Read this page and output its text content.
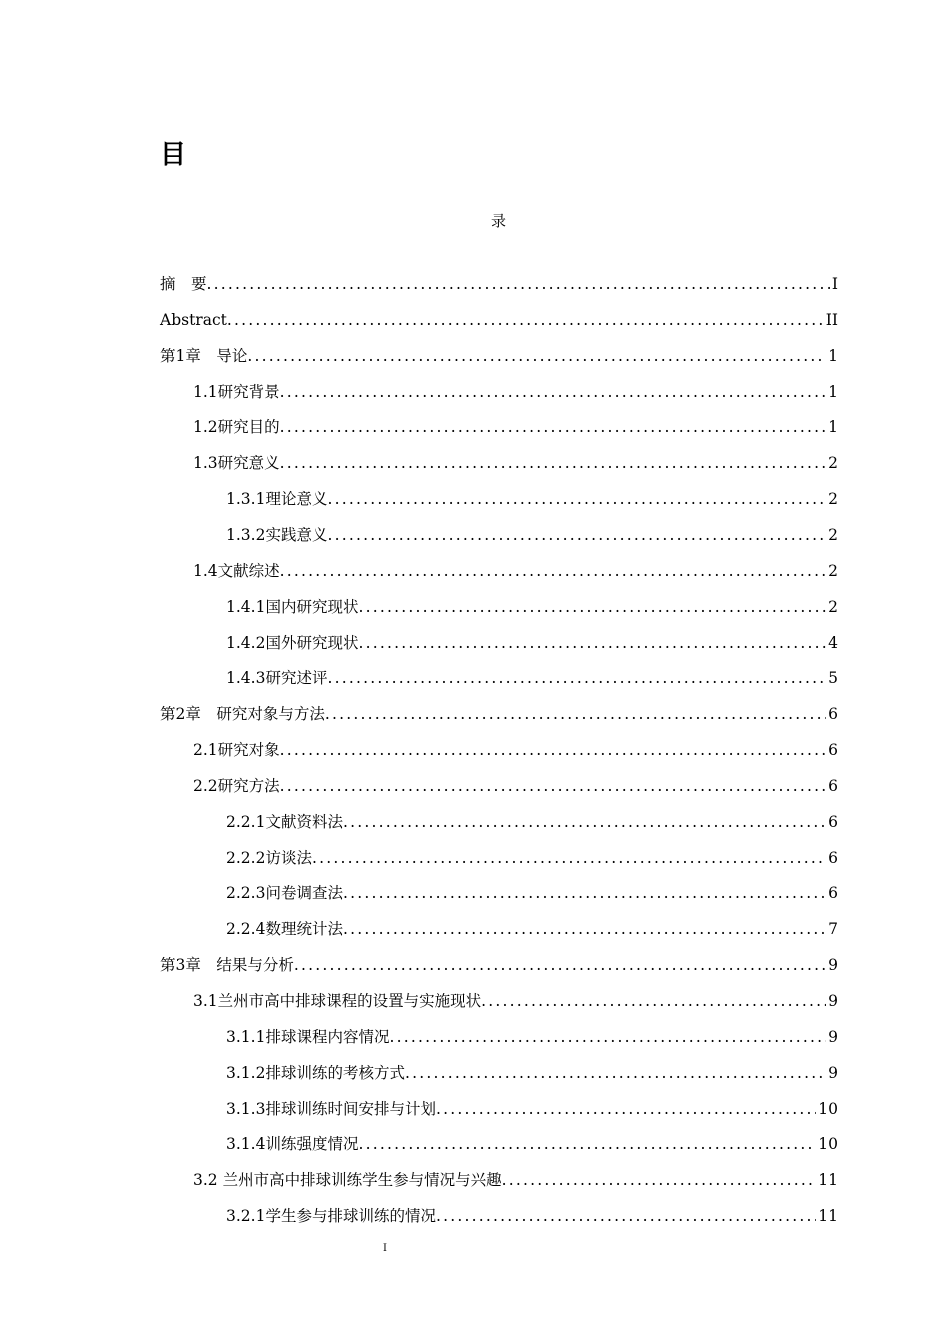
目
录
摘　要 .....	I
Abstract .....	II
第1章　导论 .....	1
1.1研究背景 .....	1
1.2研究目的 .....	1
1.3研究意义 .....	2
1.3.1理论意义 .....	2
1.3.2实践意义 .....	2
1.4文献综述 .....	2
1.4.1国内研究现状 .....	2
1.4.2国外研究现状 .....	4
1.4.3研究述评 .....	5
第2章　研究对象与方法 .....	6
2.1研究对象 .....	6
2.2研究方法 .....	6
2.2.1文献资料法 .....	6
2.2.2访谈法 .....	6
2.2.3问卷调查法 .....	6
2.2.4数理统计法 .....	7
第3章　结果与分析 .....	9
3.1兰州市高中排球课程的设置与实施现状 .....	9
3.1.1排球课程内容情况 .....	9
3.1.2排球训练的考核方式 .....	9
3.1.3排球训练时间安排与计划 .....	10
3.1.4训练强度情况 .....	10
3.2 兰州市高中排球训练学生参与情况与兴趣 .....	11
3.2.1学生参与排球训练的情况 .....	11
I
